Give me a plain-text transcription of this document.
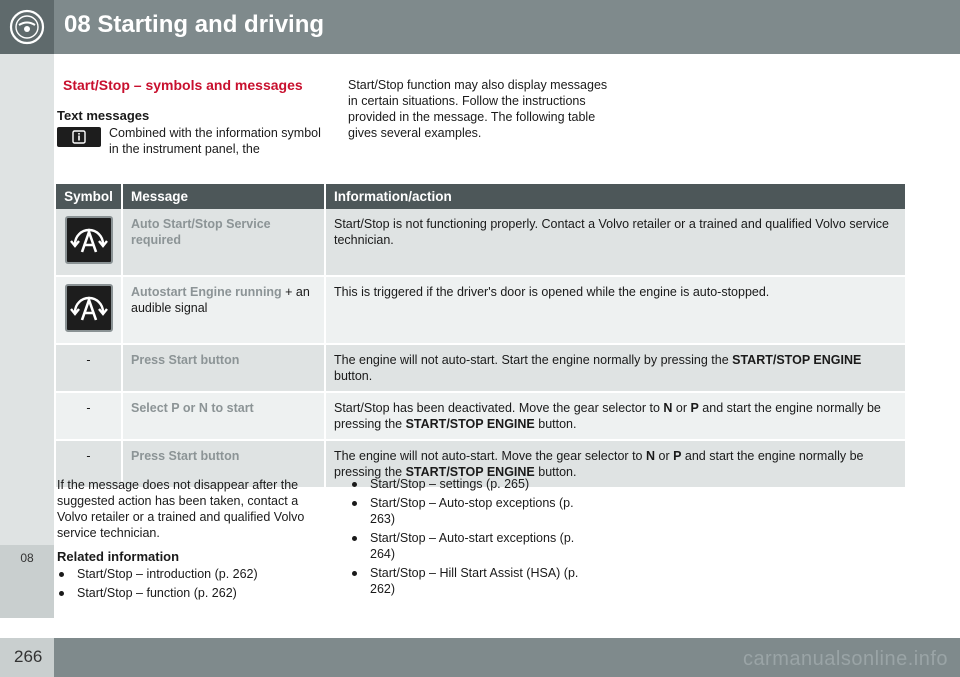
08 Starting and driving
08
Start/Stop – symbols and messages
Text messages

Combined with the information symbol in the instrument panel, the

Start/Stop function may also display messages in certain situations. Follow the instructions provided in the message. The following table gives several examples.

Symbol	Message	Information/action

	Auto Start/Stop Service required	Start/Stop is not functioning properly. Contact a Volvo retailer or a trained and qualified Volvo service technician.

	Autostart Engine running + an audible signal	This is triggered if the driver's door is opened while the engine is auto-stopped.
-	Press Start button	The engine will not auto-start. Start the engine normally by pressing the START/STOP ENGINE button.
-	Select P or N to start	Start/Stop has been deactivated. Move the gear selector to N or P and start the engine normally be pressing the START/STOP ENGINE button.
-	Press Start button	The engine will not auto-start. Move the gear selector to N or P and start the engine normally be pressing the START/STOP ENGINE button.

If the message does not disappear after the suggested action has been taken, contact a Volvo retailer or a trained and qualified Volvo service technician.

Related information
Start/Stop – introduction (p. 262)
Start/Stop – function (p. 262)
Start/Stop – settings (p. 265)
Start/Stop – Auto-stop exceptions (p. 263)
Start/Stop – Auto-start exceptions (p. 264)
Start/Stop – Hill Start Assist (HSA) (p. 262)
266	carmanualsonline.info
